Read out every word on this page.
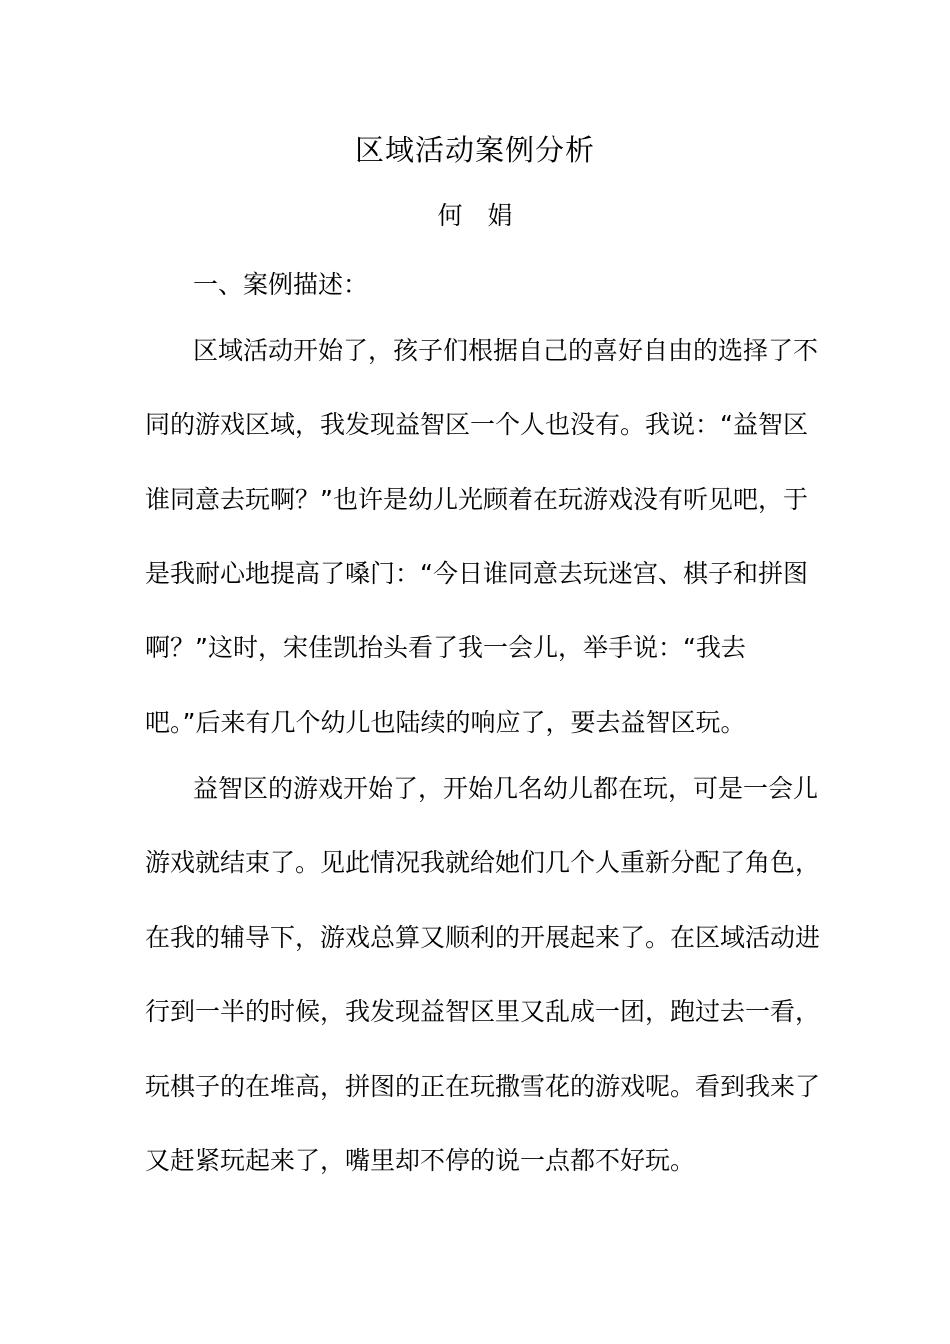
区域活动案例分析
何　娟
一、案例描述：
区域活动开始了，孩子们根据自己的喜好自由的选择了不
同的游戏区域，我发现益智区一个人也没有。我说：“益智区
谁同意去玩啊？”也许是幼儿光顾着在玩游戏没有听见吧，于
是我耐心地提高了嗓门：“今日谁同意去玩迷宫、棋子和拼图
啊？”这时，宋佳凯抬头看了我一会儿，举手说：“我去
吧。”后来有几个幼儿也陆续的响应了，要去益智区玩。
益智区的游戏开始了，开始几名幼儿都在玩，可是一会儿
游戏就结束了。见此情况我就给她们几个人重新分配了角色，
在我的辅导下，游戏总算又顺利的开展起来了。在区域活动进
行到一半的时候，我发现益智区里又乱成一团，跑过去一看，
玩棋子的在堆高，拼图的正在玩撒雪花的游戏呢。看到我来了
又赶紧玩起来了，嘴里却不停的说一点都不好玩。
